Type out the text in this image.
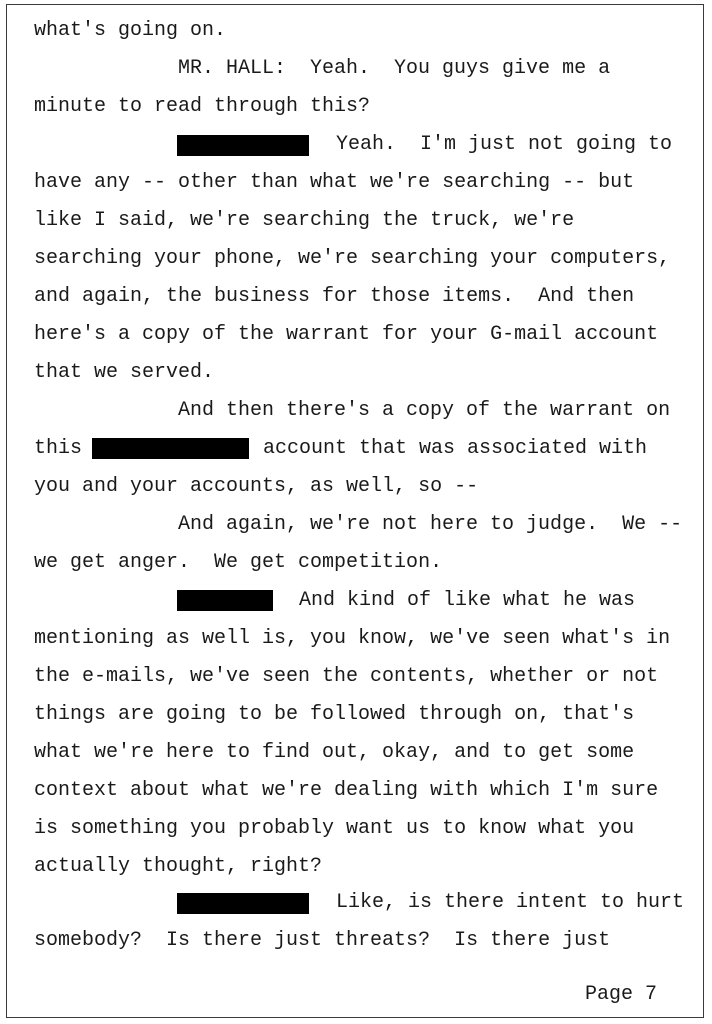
what's going on.

MR. HALL:  Yeah.  You guys give me a

minute to read through this?

Yeah.  I'm just not going to

have any -- other than what we're searching -- but

like I said, we're searching the truck, we're

searching your phone, we're searching your computers,

and again, the business for those items.  And then

here's a copy of the warrant for your G-mail account

that we served.

And then there's a copy of the warrant on

this	account that was associated with

you and your accounts, as well, so --

And again, we're not here to judge.  We --

we get anger.  We get competition.

And kind of like what he was

mentioning as well is, you know, we've seen what's in

the e-mails, we've seen the contents, whether or not

things are going to be followed through on, that's

what we're here to find out, okay, and to get some

context about what we're dealing with which I'm sure

is something you probably want us to know what you

actually thought, right?

Like, is there intent to hurt

somebody?  Is there just threats?  Is there just

Page 7
